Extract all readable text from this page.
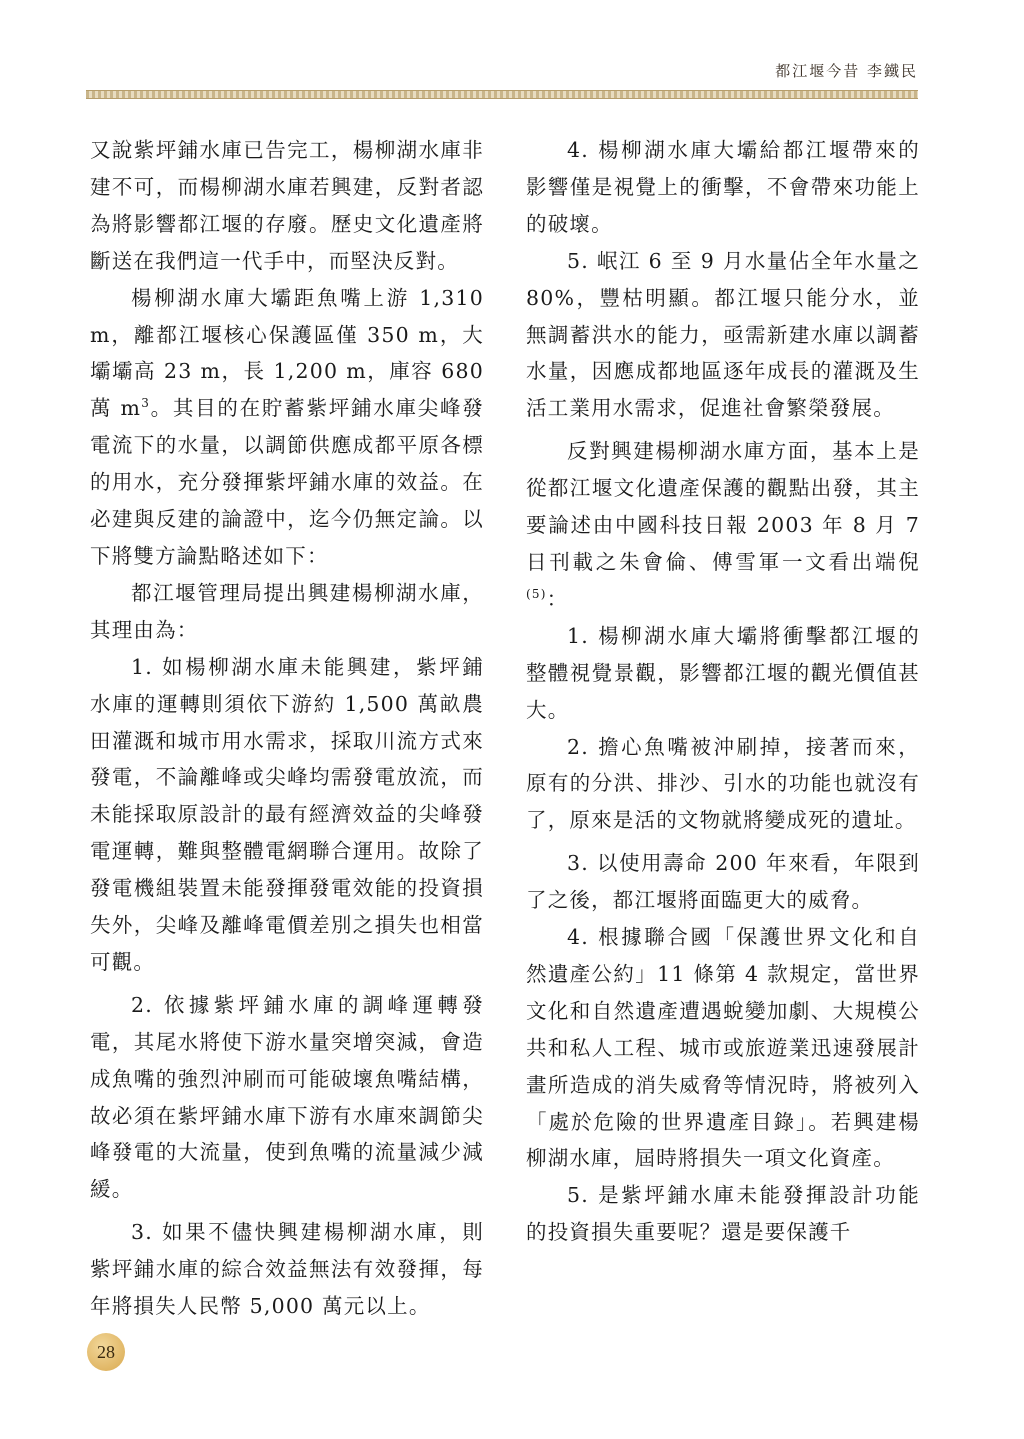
都江堰今昔 李鐵民

又說紫坪鋪水庫已告完工，楊柳湖水庫非建不可，而楊柳湖水庫若興建，反對者認為將影響都江堰的存廢。歷史文化遺產將斷送在我們這一代手中，而堅決反對。

楊柳湖水庫大壩距魚嘴上游 1,310 m，離都江堰核心保護區僅 350 m，大壩壩高 23 m，長 1,200 m，庫容 680 萬 $m^3$。其目的在貯蓄紫坪鋪水庫尖峰發電流下的水量，以調節供應成都平原各標的用水，充分發揮紫坪鋪水庫的效益。在必建與反建的論證中，迄今仍無定論。以下將雙方論點略述如下：

都江堰管理局提出興建楊柳湖水庫，其理由為：

1. 如楊柳湖水庫未能興建，紫坪鋪水庫的運轉則須依下游約 1,500 萬畝農田灌溉和城市用水需求，採取川流方式來發電，不論離峰或尖峰均需發電放流，而未能採取原設計的最有經濟效益的尖峰發電運轉，難與整體電網聯合運用。故除了發電機組裝置未能發揮發電效能的投資損失外，尖峰及離峰電價差別之損失也相當可觀。

2. 依據紫坪鋪水庫的調峰運轉發電，其尾水將使下游水量突增突減，會造成魚嘴的強烈沖刷而可能破壞魚嘴結構，故必須在紫坪鋪水庫下游有水庫來調節尖峰發電的大流量，使到魚嘴的流量減少減緩。

3. 如果不儘快興建楊柳湖水庫，則紫坪鋪水庫的綜合效益無法有效發揮，每年將損失人民幣 5,000 萬元以上。

4. 楊柳湖水庫大壩給都江堰帶來的影響僅是視覺上的衝擊，不會帶來功能上的破壞。

5. 岷江 6 至 9 月水量佔全年水量之 80%，豐枯明顯。都江堰只能分水，並無調蓄洪水的能力，亟需新建水庫以調蓄水量，因應成都地區逐年成長的灌溉及生活工業用水需求，促進社會繁榮發展。

反對興建楊柳湖水庫方面，基本上是從都江堰文化遺產保護的觀點出發，其主要論述由中國科技日報 2003 年 8 月 7 日刊載之朱會倫、傅雪軍一文看出端倪$^{(5)}$：

1. 楊柳湖水庫大壩將衝擊都江堰的整體視覺景觀，影響都江堰的觀光價值甚大。

2. 擔心魚嘴被沖刷掉，接著而來，原有的分洪、排沙、引水的功能也就沒有了，原來是活的文物就將變成死的遺址。

3. 以使用壽命 200 年來看，年限到了之後，都江堰將面臨更大的威脅。

4. 根據聯合國「保護世界文化和自然遺產公約」11 條第 4 款規定，當世界文化和自然遺產遭遇蛻變加劇、大規模公共和私人工程、城市或旅遊業迅速發展計畫所造成的消失威脅等情況時，將被列入「處於危險的世界遺產目錄」。若興建楊柳湖水庫，屆時將損失一項文化資產。

5. 是紫坪鋪水庫未能發揮設計功能的投資損失重要呢？還是要保護千

28
